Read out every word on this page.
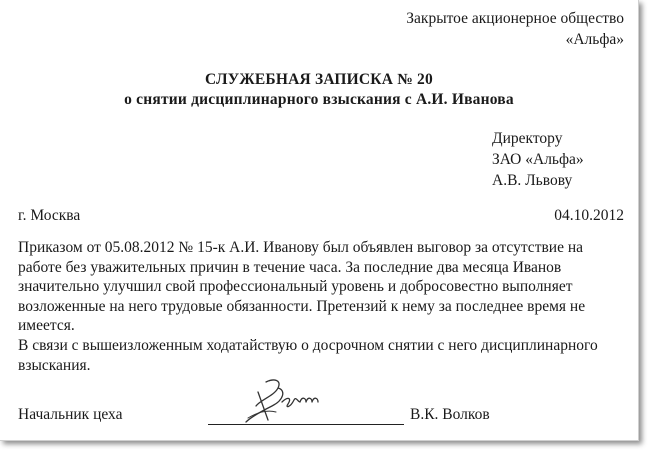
Закрытое акционерное общество
«Альфа»
СЛУЖЕБНАЯ ЗАПИСКА № 20
о снятии дисциплинарного взыскания с А.И. Иванова
Директору
ЗАО «Альфа»
А.В. Львову
г. Москва	04.10.2012

Приказом от 05.08.2012 № 15-к А.И. Иванову был объявлен выговор за отсутствие на работе без уважительных причин в течение часа. За последние два месяца Иванов значительно улучшил свой профессиональный уровень и добросовестно выполняет возложенные на него трудовые обязанности. Претензий к нему за последнее время не имеется.

В связи с вышеизложенным ходатайствую о досрочном снятии с него дисциплинарного взыскания.

Начальник цеха	В.К. Волков
